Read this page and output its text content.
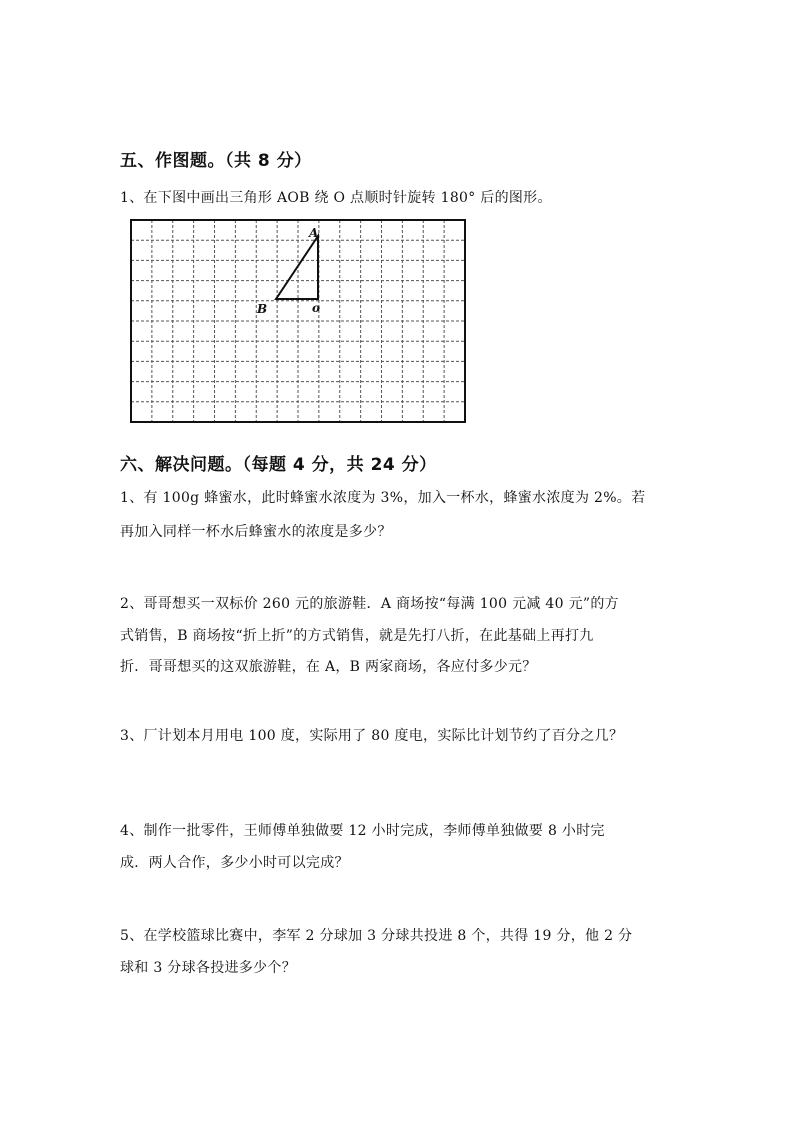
五、作图题。（共 8 分）
1、在下图中画出三角形 AOB 绕 O 点顺时针旋转 180° 后的图形。
A
B	o
六、解决问题。（每题 4 分，共 24 分）
1、有 100g 蜂蜜水，此时蜂蜜水浓度为 3%，加入一杯水，蜂蜜水浓度为 2%。若
再加入同样一杯水后蜂蜜水的浓度是多少？
2、哥哥想买一双标价 260 元的旅游鞋．A 商场按“每满 100 元减 40 元”的方
式销售，B 商场按“折上折”的方式销售，就是先打八折，在此基础上再打九
折．哥哥想买的这双旅游鞋，在 A，B 两家商场，各应付多少元？
3、厂计划本月用电 100 度，实际用了 80 度电，实际比计划节约了百分之几？
4、制作一批零件，王师傅单独做要 12 小时完成，李师傅单独做要 8 小时完
成．两人合作，多少小时可以完成？
5、在学校篮球比赛中，李军 2 分球加 3 分球共投进 8 个，共得 19 分，他 2 分
球和 3 分球各投进多少个？
